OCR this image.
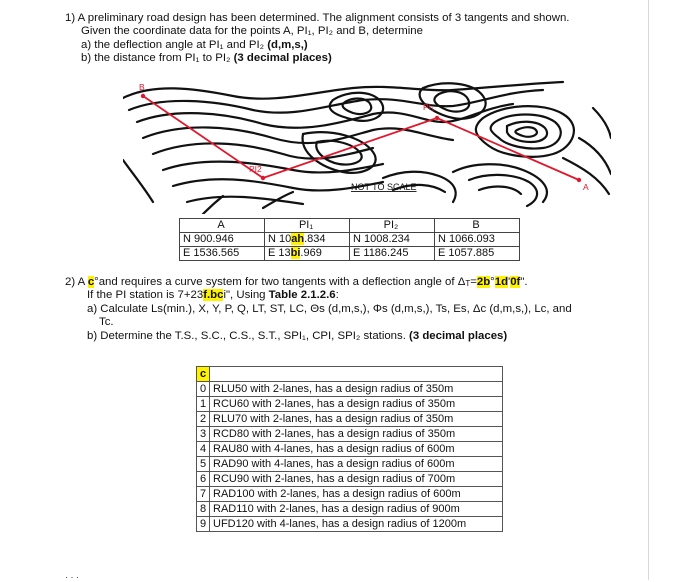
1) A preliminary road design has been determined. The alignment consists of 3 tangents and shown.
Given the coordinate data for the points A, PI₁, PI₂ and B, determine
a) the deflection angle at PI₁ and PI₂ (d,m,s,)
b) the distance from PI₁ to PI₂ (3 decimal places)
B
PI₁
PI2
A
NOT TO SCALE
A	PI₁	PI₂	B
N 900.946	N 10ah.834	N 1008.234	N 1066.093
E 1536.565	E 13bi.969	E 1186.245	E 1057.885
2) A c°and requires a curve system for two tangents with a deflection angle of $\Delta_T=2b^\circ 1d$ 0f".
If the PI station is 7+23f.bci", Using Table 2.1.2.6:
a) Calculate Ls(min.), X, Y, P, Q, LT, ST, LC, Θs (d,m,s,), Φs (d,m,s,), Ts, Es, Δc (d,m,s,), Lc, and
Tc.
b) Determine the T.S., S.C., C.S., S.T., SPI₁, CPI, SPI₂ stations. (3 decimal places)
c	
0	RLU50 with 2-lanes, has a design radius of 350m
1	RCU60 with 2-lanes, has a design radius of 350m
2	RLU70 with 2-lanes, has a design radius of 350m
3	RCD80 with 2-lanes, has a design radius of 350m
4	RAU80 with 4-lanes, has a design radius of 600m
5	RAD90 with 4-lanes, has a design radius of 600m
6	RCU90 with 2-lanes, has a design radius of 700m
7	RAD100 with 2-lanes, has a design radius of 600m
8	RAD110 with 2-lanes, has a design radius of 900m
9	UFD120 with 4-lanes, has a design radius of 1200m
· · ·
